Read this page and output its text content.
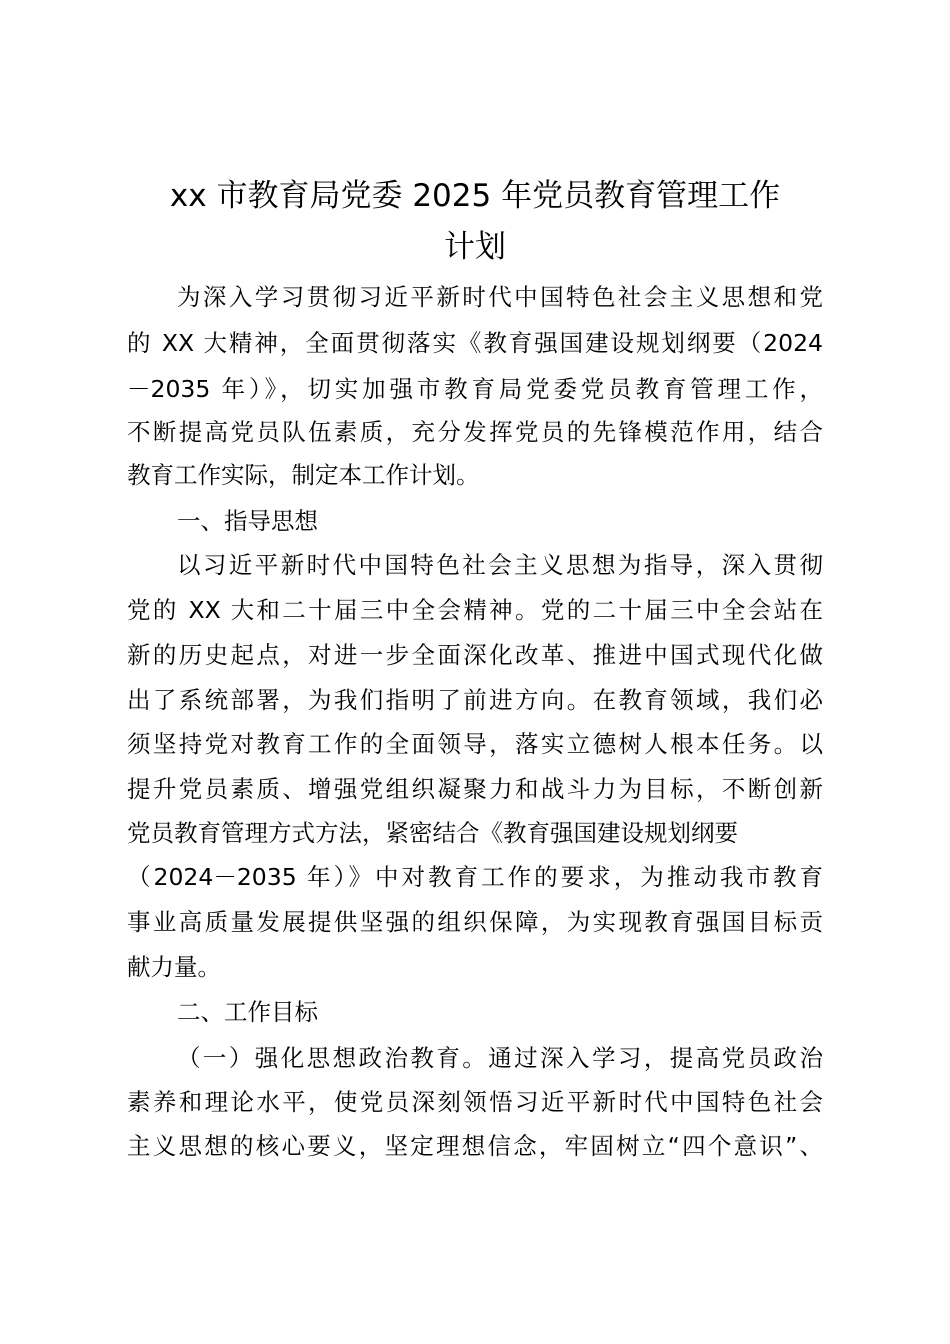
xx 市教育局党委 2025 年党员教育管理工作
计划

为深入学习贯彻习近平新时代中国特色社会主义思想和党

的 XX 大精神，全面贯彻落实《教育强国建设规划纲要（2024

－2035 年）》，切实加强市教育局党委党员教育管理工作，

不断提高党员队伍素质，充分发挥党员的先锋模范作用，结合

教育工作实际，制定本工作计划。

一、指导思想

以习近平新时代中国特色社会主义思想为指导，深入贯彻

党的 XX 大和二十届三中全会精神。党的二十届三中全会站在

新的历史起点，对进一步全面深化改革、推进中国式现代化做

出了系统部署，为我们指明了前进方向。在教育领域，我们必

须坚持党对教育工作的全面领导，落实立德树人根本任务。以

提升党员素质、增强党组织凝聚力和战斗力为目标，不断创新

党员教育管理方式方法，紧密结合《教育强国建设规划纲要

（2024－2035 年）》中对教育工作的要求，为推动我市教育

事业高质量发展提供坚强的组织保障，为实现教育强国目标贡

献力量。

二、工作目标

（一）强化思想政治教育。通过深入学习，提高党员政治

素养和理论水平，使党员深刻领悟习近平新时代中国特色社会

主义思想的核心要义，坚定理想信念，牢固树立“四个意识”、
